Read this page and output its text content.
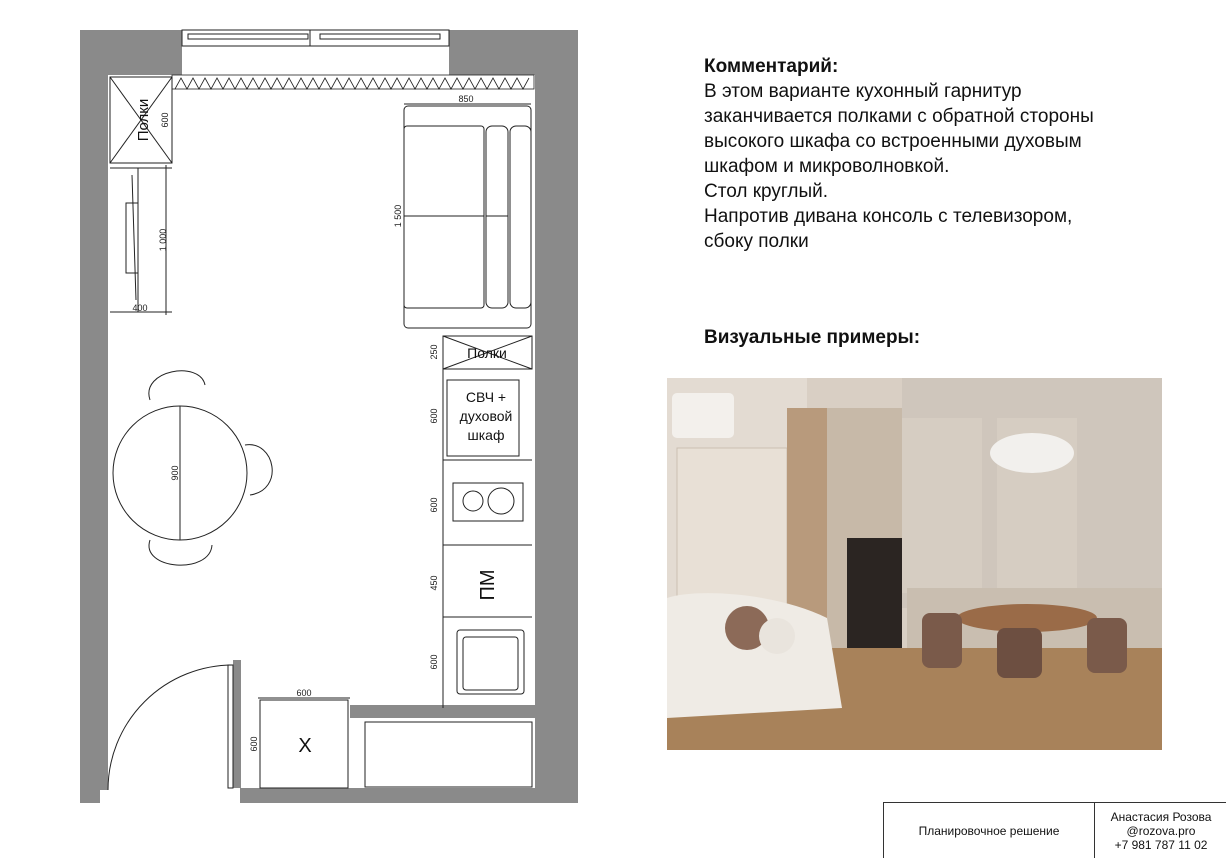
Полки 600
1 000
400
850
1 500
900
Полки
250
СВЧ +
духовой
шкаф
ПМ
600
600
450
600
Х
600
600
Комментарий:
В этом варианте кухонный гарнитур
заканчивается полками с обратной стороны
высокого шкафа со встроенными духовым
шкафом и микроволновкой.
Стол круглый.
Напротив дивана консоль с телевизором,
сбоку полки
Визуальные примеры:
Планировочное решение
Анастасия Розова
@rozova.pro
+7 981 787 11 02
